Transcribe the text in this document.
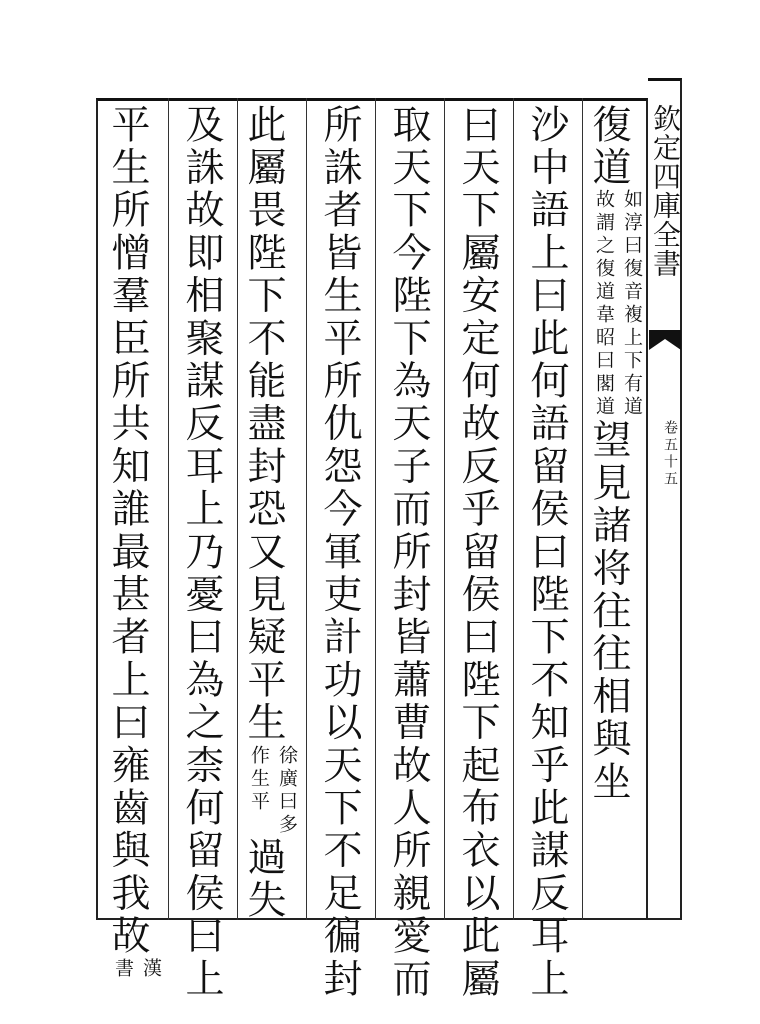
欽定四庫全書
卷五十五
復道如淳曰復音複上下有道故謂之復道韋昭曰閣道望見諸将往往相與坐
沙中語上曰此何語留侯曰陛下不知乎此謀反耳上
曰天下屬安定何故反乎留侯曰陛下起布衣以此屬
取天下今陛下為天子而所封皆蕭曹故人所親愛而
所誅者皆生平所仇怨今軍吏計功以天下不足徧封
此屬畏陛下不能盡封恐又見疑平生徐廣曰多作生平過失
及誅故即相聚謀反耳上乃憂曰為之柰何留侯曰上
平生所憎羣臣所共知誰最甚者上曰雍齒與我故漢書
